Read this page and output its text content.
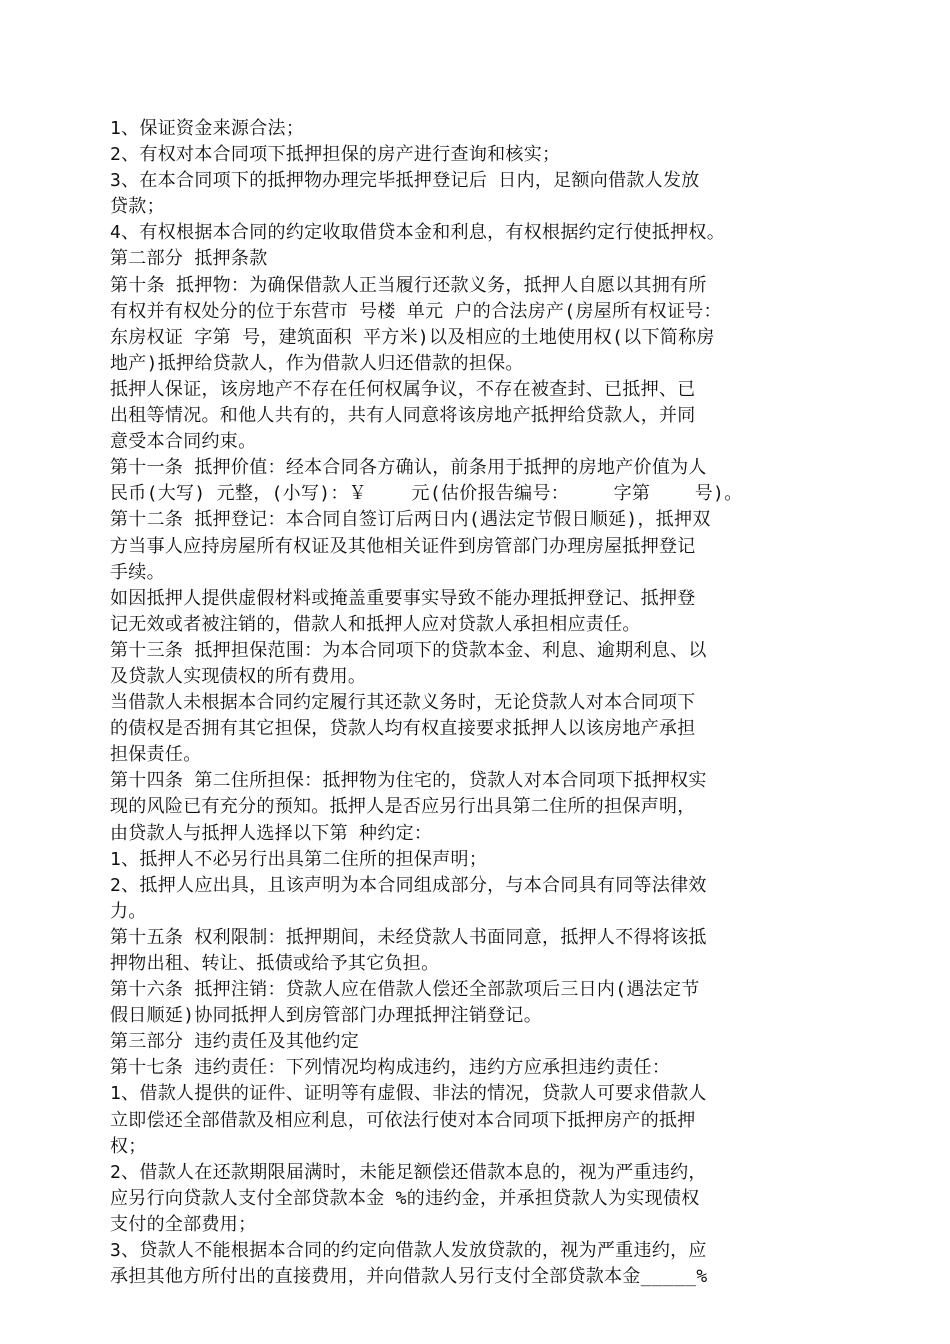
1、保证资金来源合法；
2、有权对本合同项下抵押担保的房产进行查询和核实；
3、在本合同项下的抵押物办理完毕抵押登记后 日内，足额向借款人发放
贷款；
4、有权根据本合同的约定收取借贷本金和利息，有权根据约定行使抵押权。
第二部分 抵押条款
第十条 抵押物：为确保借款人正当履行还款义务，抵押人自愿以其拥有所
有权并有权处分的位于东营市 号楼 单元 户的合法房产(房屋所有权证号：
东房权证 字第 号，建筑面积 平方米)以及相应的土地使用权(以下简称房
地产)抵押给贷款人，作为借款人归还借款的担保。
抵押人保证，该房地产不存在任何权属争议，不存在被查封、已抵押、已
出租等情况。和他人共有的，共有人同意将该房地产抵押给贷款人，并同
意受本合同约束。
第十一条 抵押价值：经本合同各方确认，前条用于抵押的房地产价值为人
民币(大写) 元整，(小写)：￥    元(估价报告编号：    字第    号)。
第十二条 抵押登记：本合同自签订后两日内(遇法定节假日顺延)，抵押双
方当事人应持房屋所有权证及其他相关证件到房管部门办理房屋抵押登记
手续。
如因抵押人提供虚假材料或掩盖重要事实导致不能办理抵押登记、抵押登
记无效或者被注销的，借款人和抵押人应对贷款人承担相应责任。
第十三条 抵押担保范围：为本合同项下的贷款本金、利息、逾期利息、以
及贷款人实现债权的所有费用。
当借款人未根据本合同约定履行其还款义务时，无论贷款人对本合同项下
的债权是否拥有其它担保，贷款人均有权直接要求抵押人以该房地产承担
担保责任。
第十四条 第二住所担保：抵押物为住宅的，贷款人对本合同项下抵押权实
现的风险已有充分的预知。抵押人是否应另行出具第二住所的担保声明，
由贷款人与抵押人选择以下第 种约定：
1、抵押人不必另行出具第二住所的担保声明；
2、抵押人应出具，且该声明为本合同组成部分，与本合同具有同等法律效
力。
第十五条 权利限制：抵押期间，未经贷款人书面同意，抵押人不得将该抵
押物出租、转让、抵债或给予其它负担。
第十六条 抵押注销：贷款人应在借款人偿还全部款项后三日内(遇法定节
假日顺延)协同抵押人到房管部门办理抵押注销登记。
第三部分 违约责任及其他约定
第十七条 违约责任：下列情况均构成违约，违约方应承担违约责任：
1、借款人提供的证件、证明等有虚假、非法的情况，贷款人可要求借款人
立即偿还全部借款及相应利息，可依法行使对本合同项下抵押房产的抵押
权；
2、借款人在还款期限届满时，未能足额偿还借款本息的，视为严重违约，
应另行向贷款人支付全部贷款本金 %的违约金，并承担贷款人为实现债权
支付的全部费用；
3、贷款人不能根据本合同的约定向借款人发放贷款的，视为严重违约，应
承担其他方所付出的直接费用，并向借款人另行支付全部贷款本金_____%
